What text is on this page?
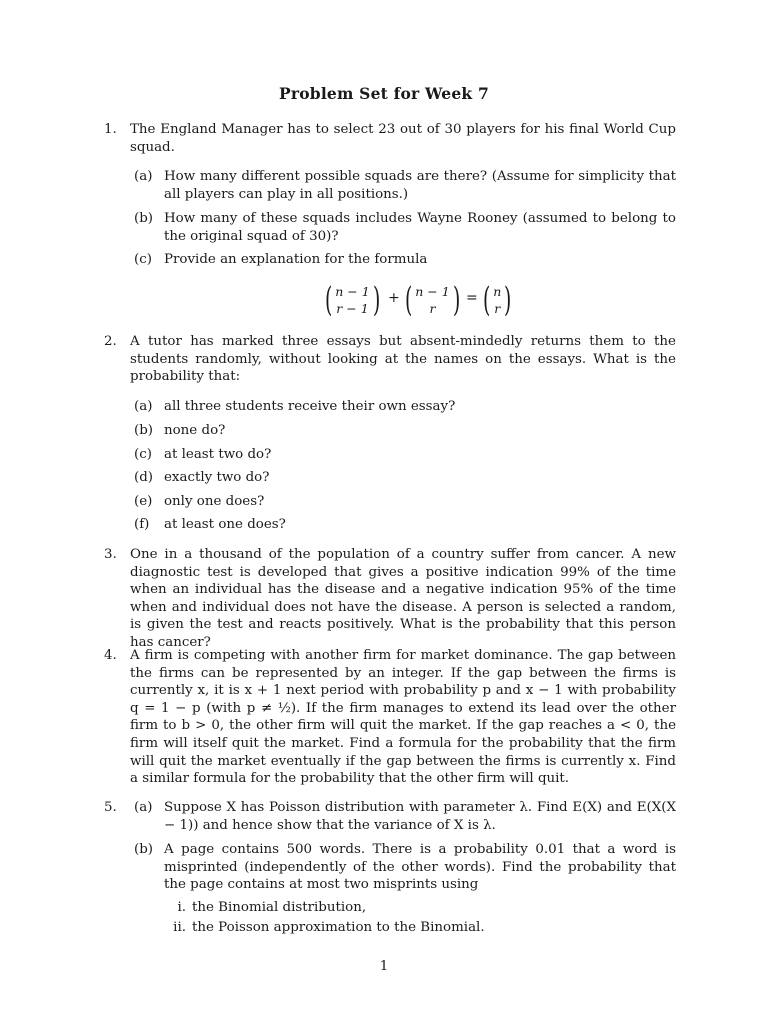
Problem Set for Week 7
1. The England Manager has to select 23 out of 30 players for his final World Cup squad.
(a) How many different possible squads are there? (Assume for simplicity that all players can play in all positions.)
(b) How many of these squads includes Wayne Rooney (assumed to belong to the original squad of 30)?
(c) Provide an explanation for the formula
( n − 1
r − 1 ) + ( n − 1
r ) = ( n
r )
2. A tutor has marked three essays but absent-mindedly returns them to the students randomly, without looking at the names on the essays. What is the probability that:
(a) all three students receive their own essay?
(b) none do?
(c) at least two do?
(d) exactly two do?
(e) only one does?
(f) at least one does?
3. One in a thousand of the population of a country suffer from cancer. A new diagnostic test is developed that gives a positive indication 99% of the time when an individual has the disease and a negative indication 95% of the time when and individual does not have the disease. A person is selected a random, is given the test and reacts positively. What is the probability that this person has cancer?
4. A firm is competing with another firm for market dominance. The gap between the firms can be represented by an integer. If the gap between the firms is currently x, it is x + 1 next period with probability p and x − 1 with probability q = 1 − p (with p ≠ ½). If the firm manages to extend its lead over the other firm to b > 0, the other firm will quit the market. If the gap reaches a < 0, the firm will itself quit the market. Find a formula for the probability that the firm will quit the market eventually if the gap between the firms is currently x. Find a similar formula for the probability that the other firm will quit.
5. (a) Suppose X has Poisson distribution with parameter λ. Find E(X) and E(X(X − 1)) and hence show that the variance of X is λ.
(b) A page contains 500 words. There is a probability 0.01 that a word is misprinted (independently of the other words). Find the probability that the page contains at most two misprints using
i. the Binomial distribution,
ii. the Poisson approximation to the Binomial.
1
